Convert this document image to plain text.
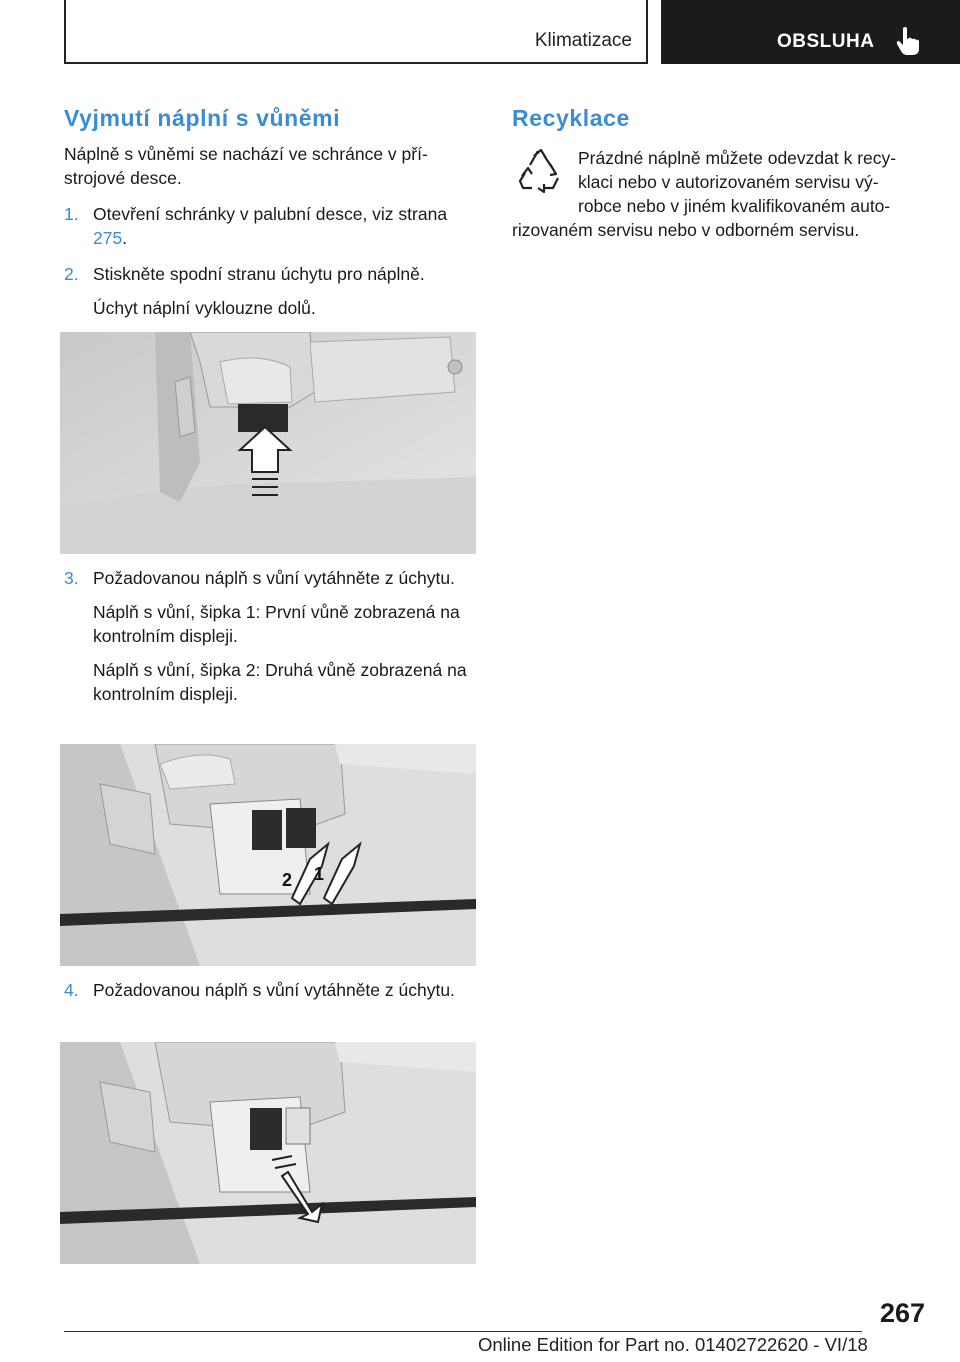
Klimatizace	OBSLUHA
Vyjmutí náplní s vůněmi

Náplně s vůněmi se nachází ve schránce v pří‐ strojové desce.

1. Otevření schránky v palubní desce, viz strana 275.

2. Stiskněte spodní stranu úchytu pro náplně.

Úchyt náplní vyklouzne dolů.

3. Požadovanou náplň s vůní vytáhněte z úchytu.

Náplň s vůní, šipka 1: První vůně zobrazená na kontrolním displeji.

Náplň s vůní, šipka 2: Druhá vůně zobrazená na kontrolním displeji.

2 1
4. Požadovanou náplň s vůní vytáhněte z úchytu.

Recyklace

Prázdné náplně můžete odevzdat k recy‐

klaci nebo v autorizovaném servisu vý‐

robce nebo v jiném kvalifikovaném auto‐

rizovaném servisu nebo v odborném servisu.

267
Online Edition for Part no. 01402722620 - VI/18
